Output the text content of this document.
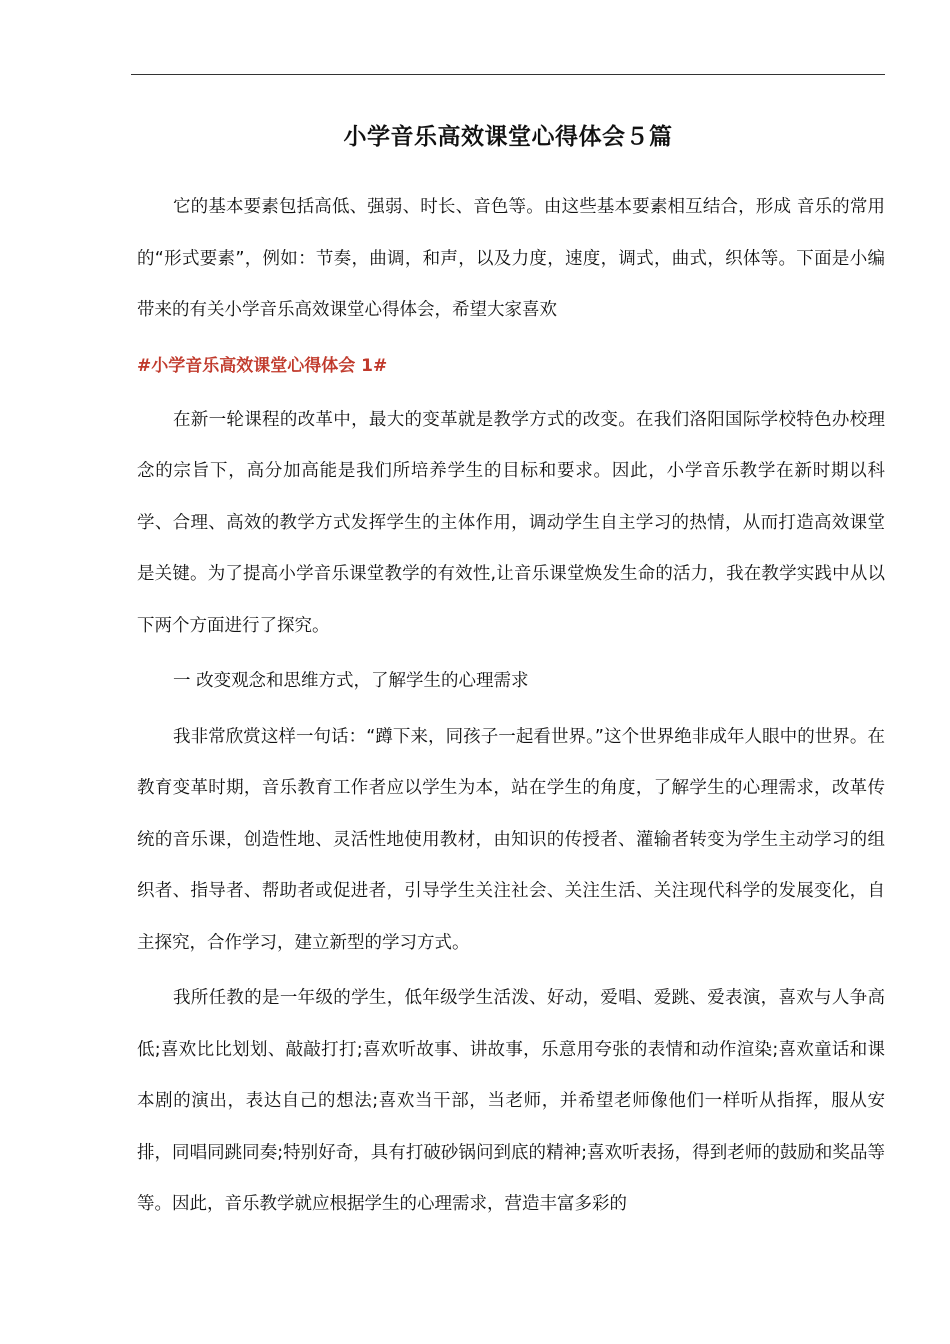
小学音乐高效课堂心得体会５篇

它的基本要素包括高低、强弱、时长、音色等。由这些基本要素相互结合，形成 音乐的常用的“形式要素”，例如：节奏，曲调，和声，以及力度，速度，调式，曲式，织体等。下面是小编带来的有关小学音乐高效课堂心得体会，希望大家喜欢

#小学音乐高效课堂心得体会 1#

在新一轮课程的改革中，最大的变革就是教学方式的改变。在我们洛阳国际学校特色办校理念的宗旨下，高分加高能是我们所培养学生的目标和要求。因此，小学音乐教学在新时期以科学、合理、高效的教学方式发挥学生的主体作用，调动学生自主学习的热情，从而打造高效课堂是关键。为了提高小学音乐课堂教学的有效性,让音乐课堂焕发生命的活力，我在教学实践中从以下两个方面进行了探究。

一 改变观念和思维方式，了解学生的心理需求

我非常欣赏这样一句话：“蹲下来，同孩子一起看世界。”这个世界绝非成年人眼中的世界。在教育变革时期，音乐教育工作者应以学生为本，站在学生的角度，了解学生的心理需求，改革传统的音乐课，创造性地、灵活性地使用教材，由知识的传授者、灌输者转变为学生主动学习的组织者、指导者、帮助者或促进者，引导学生关注社会、关注生活、关注现代科学的发展变化，自主探究，合作学习，建立新型的学习方式。

我所任教的是一年级的学生，低年级学生活泼、好动，爱唱、爱跳、爱表演，喜欢与人争高低;喜欢比比划划、敲敲打打;喜欢听故事、讲故事，乐意用夸张的表情和动作渲染;喜欢童话和课本剧的演出，表达自己的想法;喜欢当干部，当老师，并希望老师像他们一样听从指挥，服从安排，同唱同跳同奏;特别好奇，具有打破砂锅问到底的精神;喜欢听表扬，得到老师的鼓励和奖品等等。因此，音乐教学就应根据学生的心理需求，营造丰富多彩的
